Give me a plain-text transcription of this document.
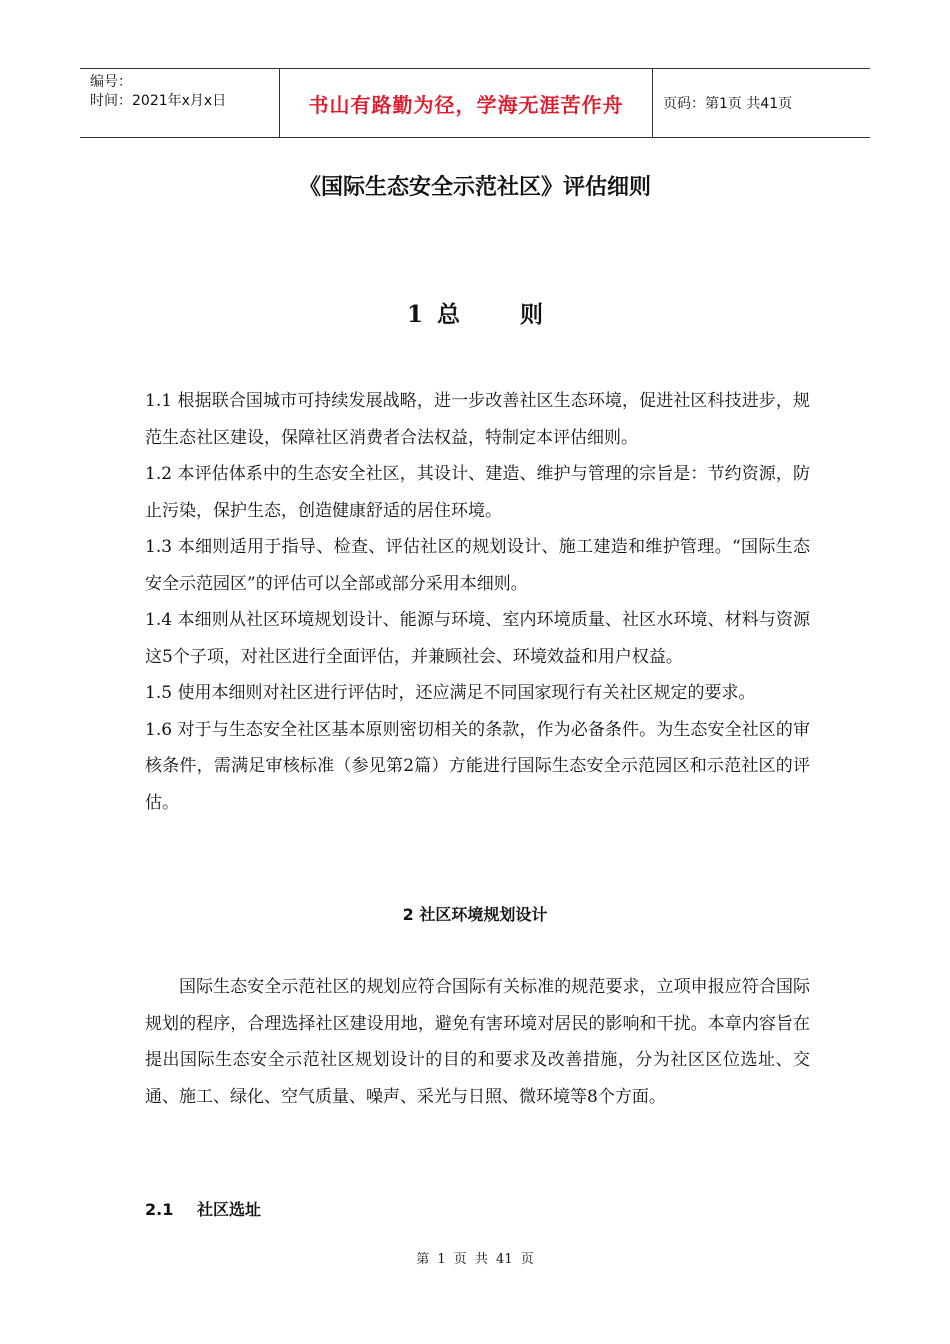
编号：
时间：2021年x月x日	书山有路勤为径，学海无涯苦作舟	页码：第1页 共41页
《国际生态安全示范社区》评估细则
1 总	则

1.1 根据联合国城市可持续发展战略，进一步改善社区生态环境，促进社区科技进步，规范生态社区建设，保障社区消费者合法权益，特制定本评估细则。

1.2 本评估体系中的生态安全社区，其设计、建造、维护与管理的宗旨是：节约资源，防止污染，保护生态，创造健康舒适的居住环境。

1.3 本细则适用于指导、检查、评估社区的规划设计、施工建造和维护管理。“国际生态安全示范园区”的评估可以全部或部分采用本细则。

1.4 本细则从社区环境规划设计、能源与环境、室内环境质量、社区水环境、材料与资源这5个子项，对社区进行全面评估，并兼顾社会、环境效益和用户权益。

1.5 使用本细则对社区进行评估时，还应满足不同国家现行有关社区规定的要求。

1.6 对于与生态安全社区基本原则密切相关的条款，作为必备条件。为生态安全社区的审核条件，需满足审核标准（参见第2篇）方能进行国际生态安全示范园区和示范社区的评估。

2 社区环境规划设计

国际生态安全示范社区的规划应符合国际有关标准的规范要求，立项申报应符合国际规划的程序，合理选择社区建设用地，避免有害环境对居民的影响和干扰。本章内容旨在提出国际生态安全示范社区规划设计的目的和要求及改善措施，分为社区区位选址、交通、施工、绿化、空气质量、噪声、采光与日照、微环境等8个方面。

2.1 社区选址
第 1 页 共 41 页
